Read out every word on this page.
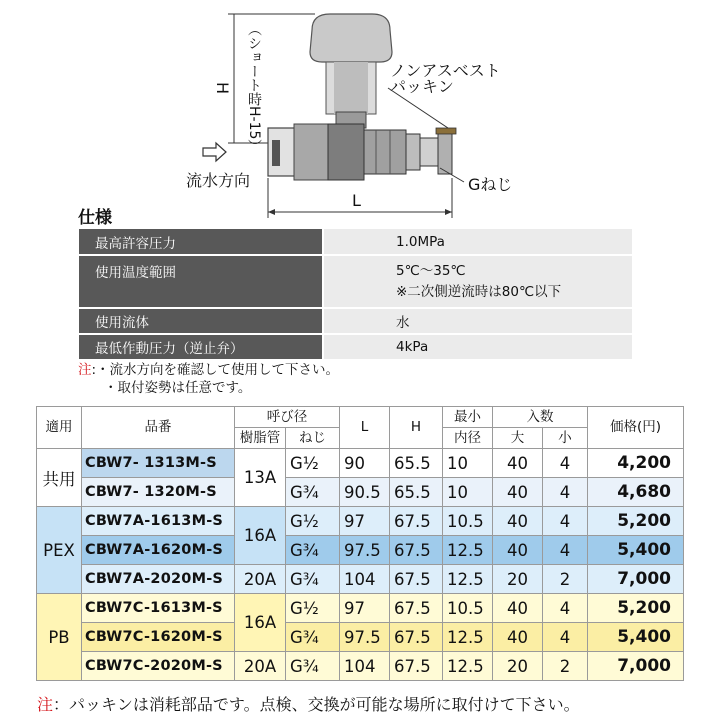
H （ショート時H-15）	ノンアスベスト
パッキン
流水方向	Gねじ
L
仕様
最高許容圧力	1.0MPa
使用温度範囲	5℃～35℃
※二次側逆流時は80℃以下

使用流体	水
最低作動圧力（逆止弁）	4kPa
注:・流水方向を確認して使用して下さい。
・取付姿勢は任意です。
適用	品番	呼び径		L	H	最小	入数		価格(円)
		樹脂管	ねじ			内径	大	小	
共用	CBW7- 1313M-S	13A	G½	90	65.5	10	40	4	4,200
	CBW7- 1320M-S		G¾	90.5	65.5	10	40	4	4,680
PEX	CBW7A-1613M-S	16A	G½	97	67.5	10.5	40	4	5,200
	CBW7A-1620M-S		G¾	97.5	67.5	12.5	40	4	5,400
	CBW7A-2020M-S	20A	G¾	104	67.5	12.5	20	2	7,000
PB	CBW7C-1613M-S	16A	G½	97	67.5	10.5	40	4	5,200
	CBW7C-1620M-S		G¾	97.5	67.5	12.5	40	4	5,400
	CBW7C-2020M-S	20A	G¾	104	67.5	12.5	20	2	7,000
注：パッキンは消耗部品です。点検、交換が可能な場所に取付けて下さい。
